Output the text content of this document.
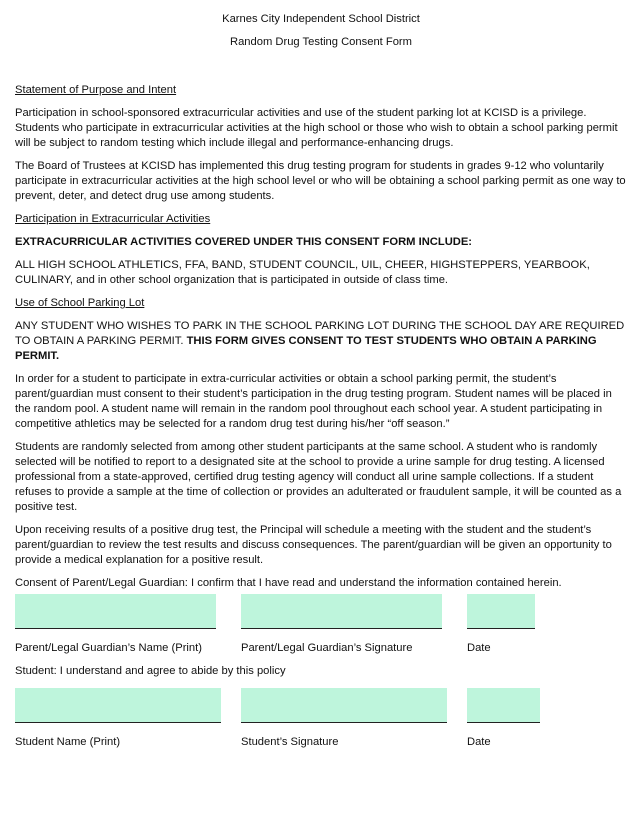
Karnes City Independent School District
Random Drug Testing Consent Form

Statement of Purpose and Intent

Participation in school-sponsored extracurricular activities and use of the student parking lot at KCISD is a privilege. Students who participate in extracurricular activities at the high school or those who wish to obtain a school parking permit will be subject to random testing which include illegal and performance-enhancing drugs.

The Board of Trustees at KCISD has implemented this drug testing program for students in grades 9-12 who voluntarily participate in extracurricular activities at the high school level or who will be obtaining a school parking permit as one way to prevent, deter, and detect drug use among students.

Participation in Extracurricular Activities

EXTRACURRICULAR ACTIVITIES COVERED UNDER THIS CONSENT FORM INCLUDE:

ALL HIGH SCHOOL ATHLETICS, FFA, BAND, STUDENT COUNCIL, UIL, CHEER, HIGHSTEPPERS, YEARBOOK, CULINARY, and in other school organization that is participated in outside of class time.

Use of School Parking Lot

ANY STUDENT WHO WISHES TO PARK IN THE SCHOOL PARKING LOT DURING THE SCHOOL DAY ARE REQUIRED TO OBTAIN A PARKING PERMIT. THIS FORM GIVES CONSENT TO TEST STUDENTS WHO OBTAIN A PARKING PERMIT.

In order for a student to participate in extra-curricular activities or obtain a school parking permit, the student’s parent/guardian must consent to their student’s participation in the drug testing program. Student names will be placed in the random pool. A student name will remain in the random pool throughout each school year. A student participating in competitive athletics may be selected for a random drug test during his/her “off season.”

Students are randomly selected from among other student participants at the same school. A student who is randomly selected will be notified to report to a designated site at the school to provide a urine sample for drug testing. A licensed professional from a state-approved, certified drug testing agency will conduct all urine sample collections. If a student refuses to provide a sample at the time of collection or provides an adulterated or fraudulent sample, it will be counted as a positive test.

Upon receiving results of a positive drug test, the Principal will schedule a meeting with the student and the student’s parent/guardian to review the test results and discuss consequences. The parent/guardian will be given an opportunity to provide a medical explanation for a positive result.

Consent of Parent/Legal Guardian: I confirm that I have read and understand the information contained herein.

Parent/Legal Guardian’s Name (Print)	Parent/Legal Guardian’s Signature	Date
Student: I understand and agree to abide by this policy
Student Name (Print)	Student’s Signature	Date
